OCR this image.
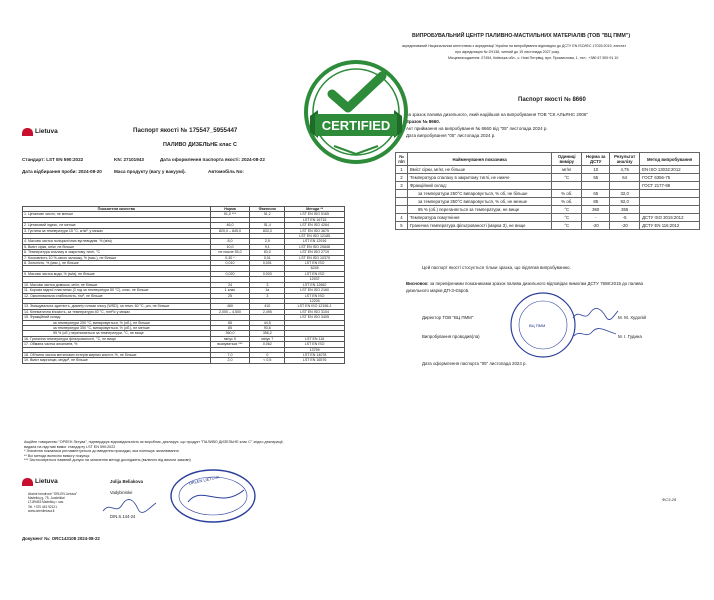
Lietuva	Паспорт якості № 175547_5955447
ПАЛИВО ДИЗЕЛЬНЕ клас С
Стандарт: LST EN 590:2022	KN: 27101943	Дата оформлення паспорта якості: 2024-08-22
Дата відбирання проби: 2024-08-20	Маса продукту (вагу у вакуумі).	Автомобіль No:
Показатели качества	Норма	Фактично	Методи **
1. Цетанове число, не менше	51,0 ***	51,2	LST EN ISO 5165
			LST EN 16715
2. Цетановий індекс, не менше	46,0	51,4	LST EN ISO 4264
3. Густина за температури 15 °C, кг/м³, у межах	820,0 – 845,0	833,3	LST EN ISO 3675
			LST EN ISO 12185
4. Масова частка поліциклічних вуглеводнів, % (м/м)	8,0	2,9	LST EN 12916
5. Вміст сірки, мг/кг, не більше	10,0	9,1	LST EN ISO 20846
6. Температура спалаху в закритому тиглі, °C	не нижче 55,0	63,0	LST EN ISO 2719
7. Коксовність 10 %-ового залишку, % (мас.), не більше	0,30 *	0,01	LST EN ISO 10370
8. Зольність, % (мас.), не більше	0,010	0,001	LST EN ISO
			6245
9. Масова частка води, % (м/м), не більше	0,020	0,003	LST EN ISO
			12937
10. Масова частка домішок, мг/кг, не більше	24	3	LST EN 12662
11. Корозія мідної пластинки (3 год за температури 50 °C), клас, не більше	1 клас	1a	LST EN ISO 2160
12. Окиснювальна стабільність, г/м³, не більше	25	3	LST EN ISO
			12205
13. Змащувальна здатність, діаметр плями зносу (WSD), за темп. 60 °C, µm, не більше	460	410	LST EN ISO 12156-1
14. Кінематична в'язкість, за температури 40 °C, mm²/с у межах	2,000 – 4,500	2,495	LST EN ISO 3104
15. Фракційний склад:			LST EN ISO 3405
за температури 250 °C, випаровується, % (об.), не більше	65	44,5	
за температури 350 °C, випаровується, % (об.), не менше	85	93,6	
95 % (об.) переганяється за температури, °C, не вище	360,0	356,2	
16. Гранична температура фільтрованості, °C, не вище	мінус 5	мінус 7	LST EN 116
17. Обмана частка алкилатів, %	вказуваться ***	0,062	LST EN ISO
			13759
18. Об'ємна частка метилових естерів жирних кислот, %, не більше	7,0	0	LST EN 14078
19. Вміст марганцю, мг/дм³, не більше	2,0	< 0,5	LST EN 16576
Акційне товариство "ОРЛЕН Лєтува", підтверджує відповідальність як виробник, декларує, що продукт "ПАЛИВО ДИЗЕЛЬНЕ клас С" згідно декларації,
видана на підставі вимог стандарту LST EN 590:2022
* Значення показника регламентується до введення присадки, яка поліпшує запалювання
** Всі методи включно вимогу покупця
*** Застосовується наявний допуск на заначення методі досліджень (включно від вимоги замовн)
Lietuva
Akcinė bendrovė "ORLEN Lietuva"
Mažeikių g. 75, Juodeikiai
LT-89453 Mažeikių r. sav.
Tel. +370 443 92121
www.orlenlietuva.lt
Julija Beliakova
Vadybininkė
DIN.S.144-24
ORLEN LIETUVA
Документ №: ORC143108 2024-08-22
ВИПРОБУВАЛЬНИЙ ЦЕНТР ПАЛИВНО-МАСТИЛЬНИХ МАТЕРІАЛІВ (ТОВ "ВЦ ПММ")
акредитований Національним агентством з акредитації України на випробування відповідно до ДСТУ EN ISO/IEC 17025:2019, атестат
про акредитацію № 2H138, чинний до 19 листопада 2027 року.
Місцезнаходження: 07454, Київська обл., с. Нові Петрівці, вул. Промислова, 1, тел.: +380 67 559 91 10
Паспорт якості № 8660
на зразок палива дизельного, який надійшов на випробування ТОВ "СК АЛЬЯНС 2006"
Зразок № 8660.
Акт приймання на випробування № 8660 від "05" листопада 2024 р.
Дата випробування "05" листопада 2024 р.
№ п/п	Найменування показника	Одиниці виміру	Норма за ДСТУ	Результат аналізу	Метод випробування
1	Вміст сірки, мг/кг, не більше	мг/кг	10	4,75	EN ISO 13032:2012
2	Температура спалаху в закритому тиглі, не нижче	°С	55	64	ГОСТ 6356-75
3	Фракційний склад:				ГОСТ 2177-99
	за температури 250°С випаровується, % об, не більше	% об.	65	32,0	
	за температури 350°С випаровується, % об, не менше	% об.	85	92,0	
	95 % (об.) переганяється за температури, не вище	°С	360	355	
4	Температура помутніння	°С	-	-5	ДСТУ ISO 3015:2012
5	Гранична температура фільтрованості (марка З), не вище	°С	-20	-20	ДСТУ EN 116:2012
Цей паспорт якості стосується тільки зразка, що підлягав випробуванню.
Висновок: за перевіреними показниками зразок палива дизельного відповідає вимогам ДСТУ 7688:2015 до палива
дизельного марки ДП-З-Євро5.
Директор ТОВ "ВЦ ПММ"	М. М. Худолій
Випробування проводив(ла)	М. І. Гудина
Дата оформлення паспорта "05" листопада 2024 р.
ВЦ ПММ
ФСЗ-26
CERTIFIED
